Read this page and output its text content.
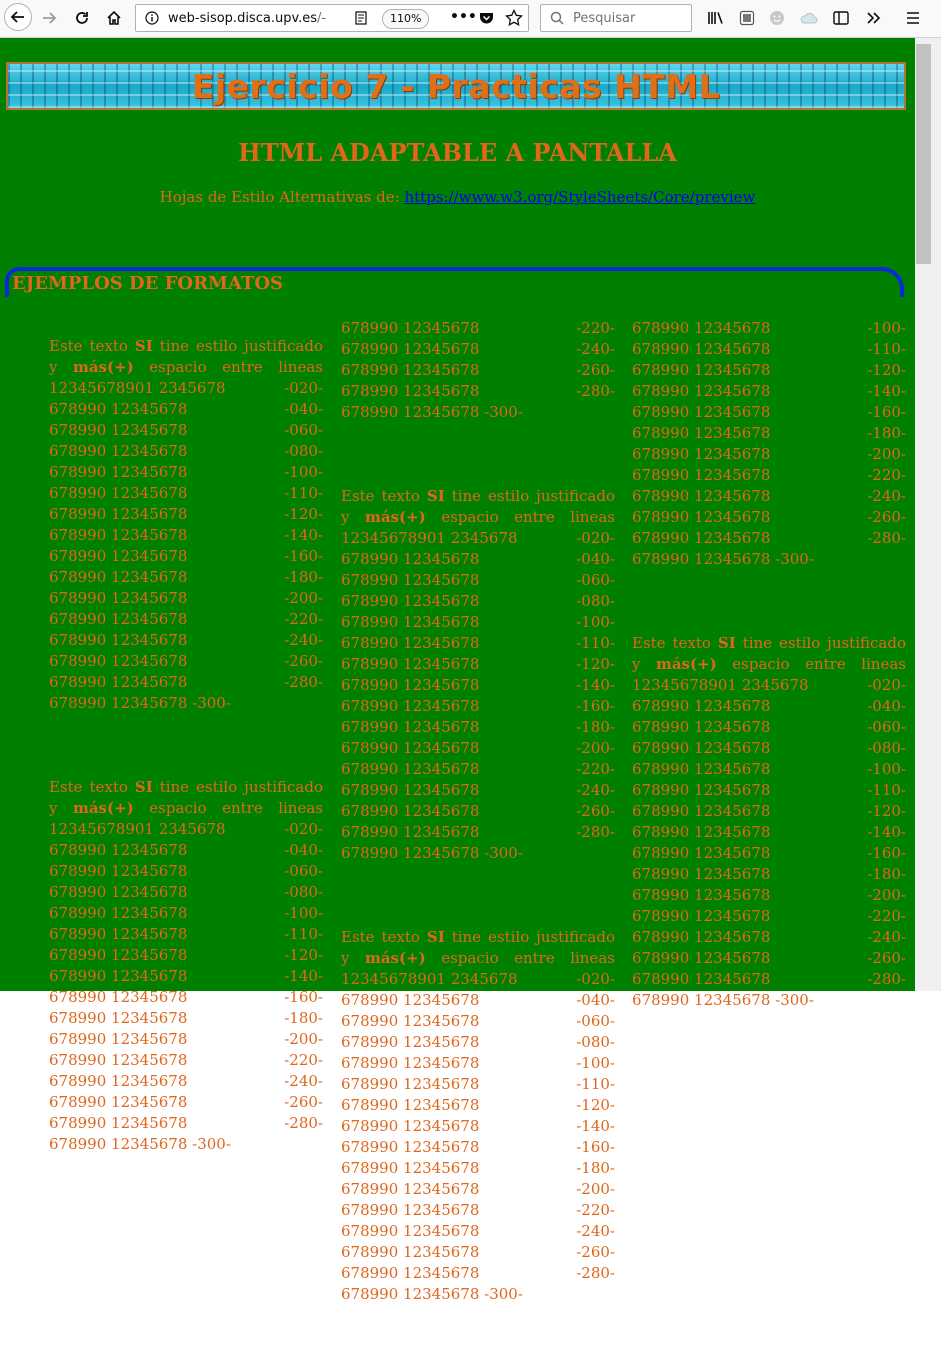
web-sisop.disca.upv.es/-	110%	•••	Pesquisar
Ejercicio 7 - Practicas HTML
HTML ADAPTABLE A PANTALLA
Hojas de Estilo Alternativas de: https://www.w3.org/StyleSheets/Core/preview
EJEMPLOS DE FORMATOS
Este texto SI tine estilo justificado y más(+) espacio entre lineas
12345678901 2345678	-020-
678990 12345678	-040-
678990 12345678	-060-
678990 12345678	-080-
678990 12345678	-100-
678990 12345678	-110-
678990 12345678	-120-
678990 12345678	-140-
678990 12345678	-160-
678990 12345678	-180-
678990 12345678	-200-
678990 12345678	-220-
678990 12345678	-240-
678990 12345678	-260-
678990 12345678	-280-
678990 12345678 -300-
Este texto SI tine estilo justificado y más(+) espacio entre lineas
12345678901 2345678	-020-
678990 12345678	-040-
678990 12345678	-060-
678990 12345678	-080-
678990 12345678	-100-
678990 12345678	-110-
678990 12345678	-120-
678990 12345678	-140-
678990 12345678	-160-
678990 12345678	-180-
678990 12345678	-200-
678990 12345678	-220-
678990 12345678	-240-
678990 12345678	-260-
678990 12345678	-280-
678990 12345678 -300-
678990 12345678	-220-
678990 12345678	-240-
678990 12345678	-260-
678990 12345678	-280-
678990 12345678 -300-
Este texto SI tine estilo justificado y más(+) espacio entre lineas
12345678901 2345678	-020-
678990 12345678	-040-
678990 12345678	-060-
678990 12345678	-080-
678990 12345678	-100-
678990 12345678	-110-
678990 12345678	-120-
678990 12345678	-140-
678990 12345678	-160-
678990 12345678	-180-
678990 12345678	-200-
678990 12345678	-220-
678990 12345678	-240-
678990 12345678	-260-
678990 12345678	-280-
678990 12345678 -300-
Este texto SI tine estilo justificado y más(+) espacio entre lineas
12345678901 2345678	-020-
678990 12345678	-040-
678990 12345678	-060-
678990 12345678	-080-
678990 12345678	-100-
678990 12345678	-110-
678990 12345678	-120-
678990 12345678	-140-
678990 12345678	-160-
678990 12345678	-180-
678990 12345678	-200-
678990 12345678	-220-
678990 12345678	-240-
678990 12345678	-260-
678990 12345678	-280-
678990 12345678 -300-
678990 12345678	-100-
678990 12345678	-110-
678990 12345678	-120-
678990 12345678	-140-
678990 12345678	-160-
678990 12345678	-180-
678990 12345678	-200-
678990 12345678	-220-
678990 12345678	-240-
678990 12345678	-260-
678990 12345678	-280-
678990 12345678 -300-
Este texto SI tine estilo justificado y más(+) espacio entre lineas
12345678901 2345678	-020-
678990 12345678	-040-
678990 12345678	-060-
678990 12345678	-080-
678990 12345678	-100-
678990 12345678	-110-
678990 12345678	-120-
678990 12345678	-140-
678990 12345678	-160-
678990 12345678	-180-
678990 12345678	-200-
678990 12345678	-220-
678990 12345678	-240-
678990 12345678	-260-
678990 12345678	-280-
678990 12345678 -300-
